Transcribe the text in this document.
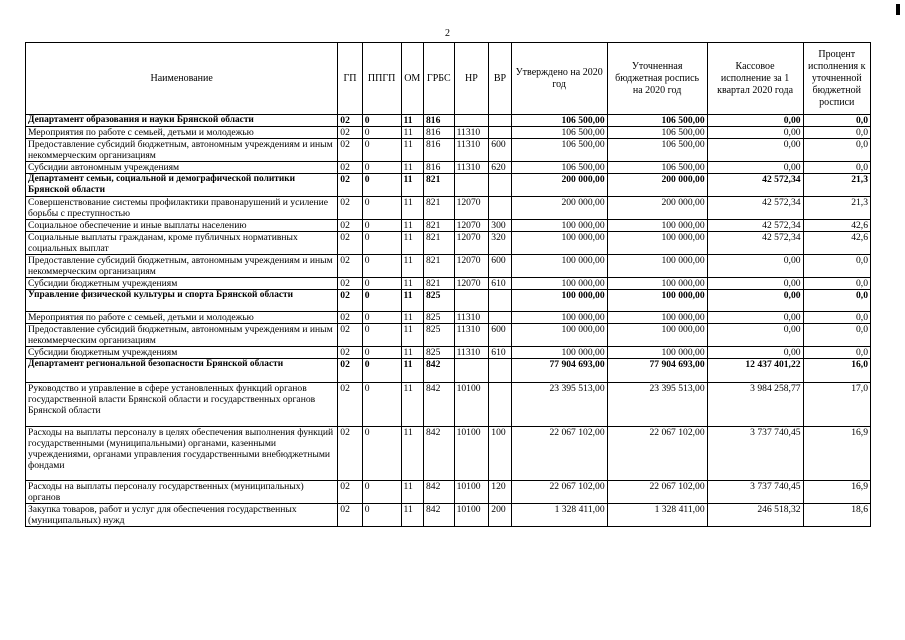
2
Наименование	ГП	ППГП	ОМ	ГРБС	НР	ВР	Утверждено на 2020 год	Уточненная бюджетная роспись на 2020 год	Кассовое исполнение за 1 квартал 2020 года	Процент исполнения к уточненной бюджетной росписи
Департамент образования и науки Брянской области	02	0	11	816			106 500,00	106 500,00	0,00	0,0
Мероприятия по работе с семьей, детьми и молодежью	02	0	11	816	11310		106 500,00	106 500,00	0,00	0,0
Предоставление субсидий бюджетным, автономным учреждениям и иным некоммерческим организациям	02	0	11	816	11310	600	106 500,00	106 500,00	0,00	0,0
Субсидии автономным учреждениям	02	0	11	816	11310	620	106 500,00	106 500,00	0,00	0,0
Департамент семьи, социальной и демографической политики Брянской области	02	0	11	821			200 000,00	200 000,00	42 572,34	21,3
Совершенствование системы профилактики правонарушений и усиление борьбы с преступностью	02	0	11	821	12070		200 000,00	200 000,00	42 572,34	21,3
Социальное обеспечение и иные выплаты населению	02	0	11	821	12070	300	100 000,00	100 000,00	42 572,34	42,6
Социальные выплаты гражданам, кроме публичных нормативных социальных выплат	02	0	11	821	12070	320	100 000,00	100 000,00	42 572,34	42,6
Предоставление субсидий бюджетным, автономным учреждениям и иным некоммерческим организациям	02	0	11	821	12070	600	100 000,00	100 000,00	0,00	0,0
Субсидии бюджетным учреждениям	02	0	11	821	12070	610	100 000,00	100 000,00	0,00	0,0
Управление физической культуры и спорта Брянской области	02	0	11	825			100 000,00	100 000,00	0,00	0,0
Мероприятия по работе с семьей, детьми и молодежью	02	0	11	825	11310		100 000,00	100 000,00	0,00	0,0
Предоставление субсидий бюджетным, автономным учреждениям и иным некоммерческим организациям	02	0	11	825	11310	600	100 000,00	100 000,00	0,00	0,0
Субсидии бюджетным учреждениям	02	0	11	825	11310	610	100 000,00	100 000,00	0,00	0,0
Департамент региональной безопасности Брянской области	02	0	11	842			77 904 693,00	77 904 693,00	12 437 401,22	16,0
Руководство и управление в сфере установленных функций органов государственной власти Брянской области и государственных органов Брянской области	02	0	11	842	10100		23 395 513,00	23 395 513,00	3 984 258,77	17,0
Расходы на выплаты персоналу в целях обеспечения выполнения функций государственными (муниципальными) органами, казенными учреждениями, органами управления государственными внебюджетными фондами	02	0	11	842	10100	100	22 067 102,00	22 067 102,00	3 737 740,45	16,9
Расходы на выплаты персоналу государственных (муниципальных) органов	02	0	11	842	10100	120	22 067 102,00	22 067 102,00	3 737 740,45	16,9
Закупка товаров, работ и услуг для обеспечения государственных (муниципальных) нужд	02	0	11	842	10100	200	1 328 411,00	1 328 411,00	246 518,32	18,6
